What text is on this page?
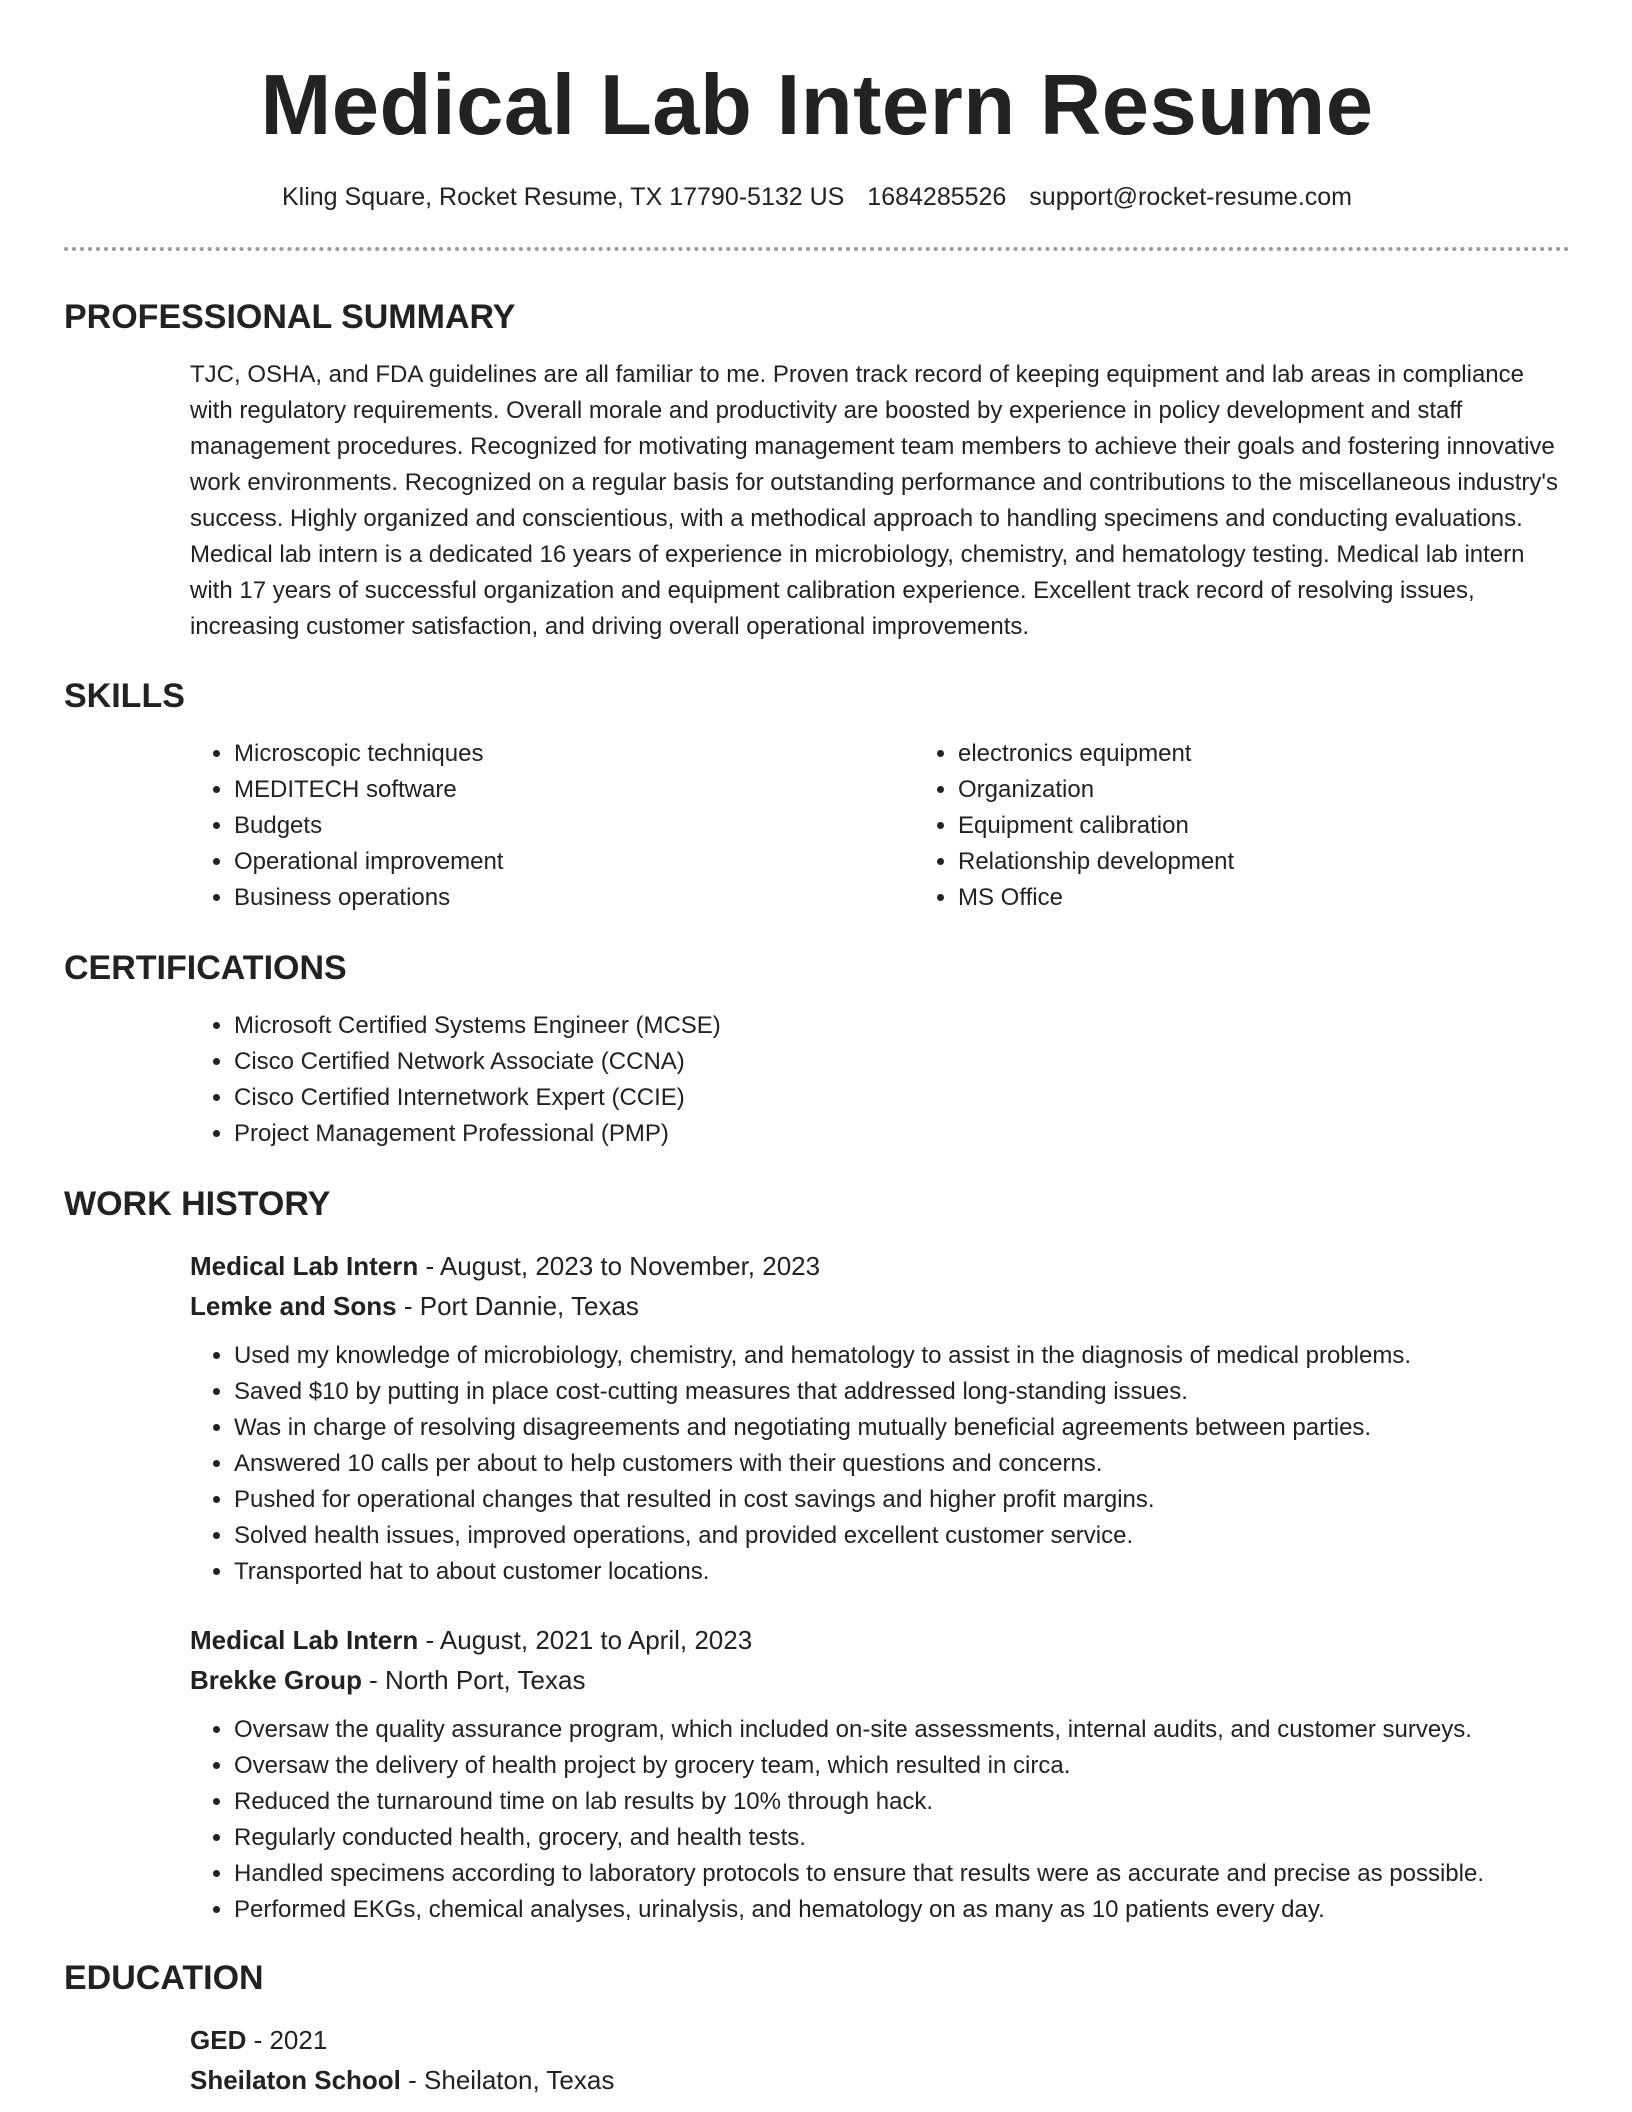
Medical Lab Intern Resume
Kling Square, Rocket Resume, TX 17790-5132 US 1684285526 support@rocket-resume.com
PROFESSIONAL SUMMARY

TJC, OSHA, and FDA guidelines are all familiar to me. Proven track record of keeping equipment and lab areas in compliance with regulatory requirements. Overall morale and productivity are boosted by experience in policy development and staff management procedures. Recognized for motivating management team members to achieve their goals and fostering innovative work environments. Recognized on a regular basis for outstanding performance and contributions to the miscellaneous industry's success. Highly organized and conscientious, with a methodical approach to handling specimens and conducting evaluations. Medical lab intern is a dedicated 16 years of experience in microbiology, chemistry, and hematology testing. Medical lab intern with 17 years of successful organization and equipment calibration experience. Excellent track record of resolving issues, increasing customer satisfaction, and driving overall operational improvements.

SKILLS
• Microscopic techniques
• MEDITECH software
• Budgets
• Operational improvement
• Business operations
• electronics equipment
• Organization
• Equipment calibration
• Relationship development
• MS Office
CERTIFICATIONS
• Microsoft Certified Systems Engineer (MCSE)
• Cisco Certified Network Associate (CCNA)
• Cisco Certified Internetwork Expert (CCIE)
• Project Management Professional (PMP)
WORK HISTORY
Medical Lab Intern - August, 2023 to November, 2023
Lemke and Sons - Port Dannie, Texas
• Used my knowledge of microbiology, chemistry, and hematology to assist in the diagnosis of medical problems.
• Saved $10 by putting in place cost-cutting measures that addressed long-standing issues.
• Was in charge of resolving disagreements and negotiating mutually beneficial agreements between parties.
• Answered 10 calls per about to help customers with their questions and concerns.
• Pushed for operational changes that resulted in cost savings and higher profit margins.
• Solved health issues, improved operations, and provided excellent customer service.
• Transported hat to about customer locations.
Medical Lab Intern - August, 2021 to April, 2023
Brekke Group - North Port, Texas
• Oversaw the quality assurance program, which included on-site assessments, internal audits, and customer surveys.
• Oversaw the delivery of health project by grocery team, which resulted in circa.
• Reduced the turnaround time on lab results by 10% through hack.
• Regularly conducted health, grocery, and health tests.
• Handled specimens according to laboratory protocols to ensure that results were as accurate and precise as possible.
• Performed EKGs, chemical analyses, urinalysis, and hematology on as many as 10 patients every day.
EDUCATION
GED - 2021
Sheilaton School - Sheilaton, Texas
